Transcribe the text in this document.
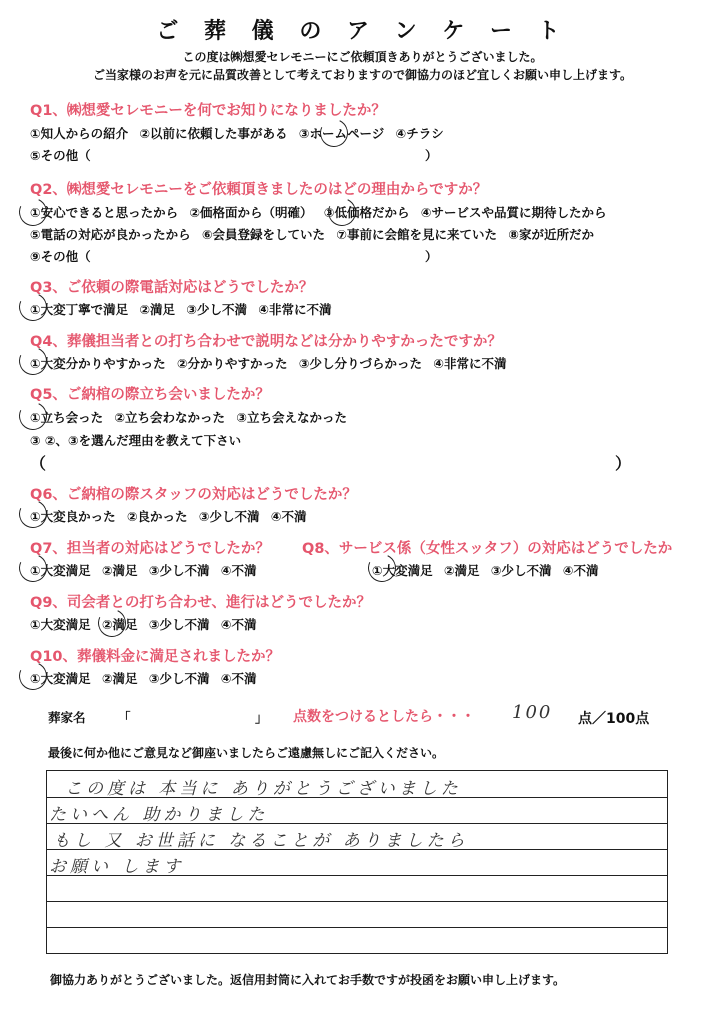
ご 葬 儀 の ア ン ケ ー ト
この度は㈱想愛セレモニーにご依頼頂きありがとうございました。
ご当家様のお声を元に品質改善として考えておりますので御協力のほど宜しくお願い申し上げます。
Q1、㈱想愛セレモニーを何でお知りになりましたか？
①知人からの紹介 ②以前に依頼した事がある ③ホームページ ④チラシ
⑤その他（	）
Q2、㈱想愛セレモニーをご依頼頂きましたのはどの理由からですか？
①安心できると思ったから ②価格面から（明確） ③低価格だから ④サービスや品質に期待したから
⑤電話の対応が良かったから ⑥会員登録をしていた ⑦事前に会館を見に来ていた ⑧家が近所だか
⑨その他（	）
Q3、ご依頼の際電話対応はどうでしたか？
①大変丁寧で満足 ②満足 ③少し不満 ④非常に不満
Q4、葬儀担当者との打ち合わせで説明などは分かりやすかったですか？
①大変分かりやすかった ②分かりやすかった ③少し分りづらかった ④非常に不満
Q5、ご納棺の際立ち会いましたか？
①立ち会った ②立ち会わなかった ③立ち会えなかった
③ ②、③を選んだ理由を教えて下さい
（	）
Q6、ご納棺の際スタッフの対応はどうでしたか？
①大変良かった ②良かった ③少し不満 ④不満
Q7、担当者の対応はどうでしたか？ Q8、サービス係（女性スッタフ）の対応はどうでしたか
①大変満足 ②満足 ③少し不満 ④不満	①大変満足 ②満足 ③少し不満 ④不満
Q9、司会者との打ち合わせ、進行はどうでしたか？
①大変満足 ②満足 ③少し不満 ④不満
Q10、葬儀料金に満足されましたか？
①大変満足 ②満足 ③少し不満 ④不満
葬家名	「	」 点数をつけるとしたら・・・ 100 点／100点
最後に何か他にご意見など御座いましたらご遠慮無しにご記入ください。
この度は 本当に ありがとうございました
たいへん 助かりました
もし 又 お世話に なることが ありましたら
お願い します
御協力ありがとうございました。返信用封筒に入れてお手数ですが投函をお願い申し上げます。
